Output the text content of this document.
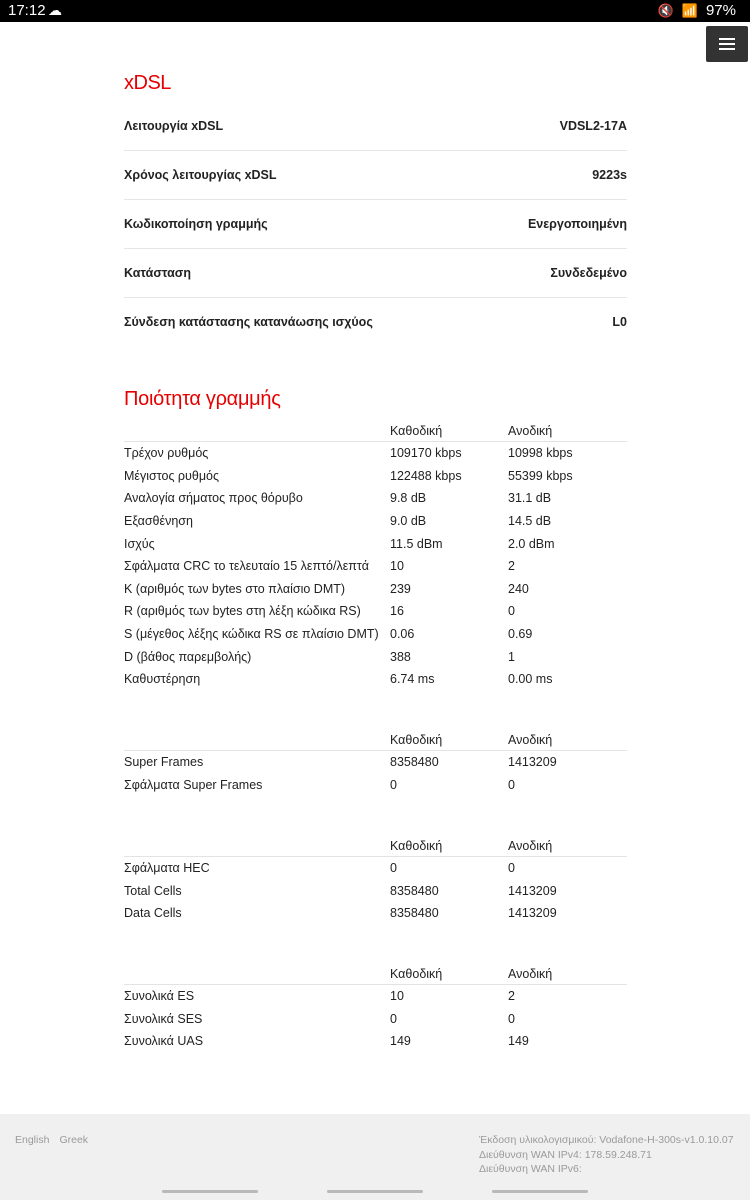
17:12 ☁	🔇 📶 97%
xDSL
Λειτουργία xDSL	VDSL2-17A
Χρόνος λειτουργίας xDSL	9223s
Κωδικοποίηση γραμμής	Ενεργοποιημένη
Κατάσταση	Συνδεδεμένο
Σύνδεση κατάστασης κατανάωσης ισχύος	L0
Ποιότητα γραμμής
Καθοδική	Ανοδική
Τρέχον ρυθμός	109170 kbps	10998 kbps
Μέγιστος ρυθμός	122488 kbps	55399 kbps
Αναλογία σήματος προς θόρυβο	9.8 dB	31.1 dB
Εξασθένηση	9.0 dB	14.5 dB
Ισχύς	11.5 dBm	2.0 dBm
Σφάλματα CRC το τελευταίο 15 λεπτό/λεπτά	10	2
K (αριθμός των bytes στο πλαίσιο DMT)	239	240
R (αριθμός των bytes στη λέξη κώδικα RS)	16	0
S (μέγεθος λέξης κώδικα RS σε πλαίσιο DMT) 0.06	0.69
D (βάθος παρεμβολής)	388	1
Καθυστέρηση	6.74 ms	0.00 ms
Καθοδική	Ανοδική
Super Frames	8358480	1413209
Σφάλματα Super Frames	0	0
Καθοδική	Ανοδική
Σφάλματα HEC	0	0
Total Cells	8358480	1413209
Data Cells	8358480	1413209
Καθοδική	Ανοδική
Συνολικά ES	10	2
Συνολικά SES	0	0
Συνολικά UAS	149	149
English Greek	Έκδοση υλικολογισμικού: Vodafone-H-300s-v1.0.10.07
Διεύθυνση WAN IPv4: 178.59.248.71
Διεύθυνση WAN IPv6:
